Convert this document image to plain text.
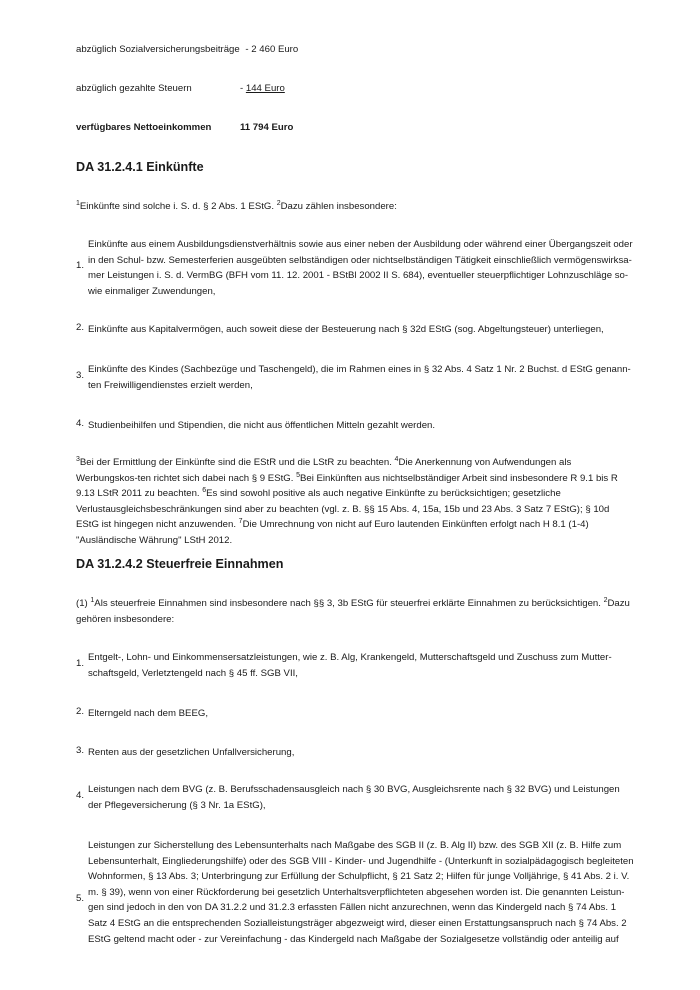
abzüglich Sozialversicherungsbeiträge - 2 460 Euro
abzüglich gezahlte Steuern	- 144 Euro
verfügbares Nettoeinkommen	11 794 Euro
DA 31.2.4.1 Einkünfte

$^1$Einkünfte sind solche i. S. d. § 2 Abs. 1 EStG. $^2$Dazu zählen insbesondere:

1.
Einkünfte aus einem Ausbildungsdienstverhältnis sowie aus einer neben der Ausbildung oder während einer Übergangszeit oder in den Schul- bzw. Semesterferien ausgeübten selbständigen oder nichtselbständigen Tätigkeit einschließlich vermögenswirksa-mer Leistungen i. S. d. VermBG (BFH vom 11. 12. 2001 - BStBl 2002 II S. 684), eventueller steuerpflichtiger Lohnzuschläge so-wie einmaliger Zuwendungen,
2. Einkünfte aus Kapitalvermögen, auch soweit diese der Besteuerung nach § 32d EStG (sog. Abgeltungsteuer) unterliegen,
3.
Einkünfte des Kindes (Sachbezüge und Taschengeld), die im Rahmen eines in § 32 Abs. 4 Satz 1 Nr. 2 Buchst. d EStG genann-ten Freiwilligendienstes erzielt werden,
4. Studienbeihilfen und Stipendien, die nicht aus öffentlichen Mitteln gezahlt werden.

$^3$Bei der Ermittlung der Einkünfte sind die EStR und die LStR zu beachten. $^4$Die Anerkennung von Aufwendungen als Werbungskos-ten richtet sich dabei nach § 9 EStG. $^5$Bei Einkünften aus nichtselbständiger Arbeit sind insbesondere R 9.1 bis R 9.13 LStR 2011 zu beachten. $^6$Es sind sowohl positive als auch negative Einkünfte zu berücksichtigen; gesetzliche Verlustausgleichsbeschränkungen sind aber zu beachten (vgl. z. B. §§ 15 Abs. 4, 15a, 15b und 23 Abs. 3 Satz 7 EStG); § 10d EStG ist hingegen nicht anzuwenden. $^7$Die Umrechnung von nicht auf Euro lautenden Einkünften erfolgt nach H 8.1 (1-4) "Ausländische Währung" LStH 2012.

DA 31.2.4.2 Steuerfreie Einnahmen

(1) $^1$Als steuerfreie Einnahmen sind insbesondere nach §§ 3, 3b EStG für steuerfrei erklärte Einnahmen zu berücksichtigen. $^2$Dazu gehören insbesondere:

1.
Entgelt-, Lohn- und Einkommensersatzleistungen, wie z. B. Alg, Krankengeld, Mutterschaftsgeld und Zuschuss zum Mutter-schaftsgeld, Verletztengeld nach § 45 ff. SGB VII,
2. Elterngeld nach dem BEEG,
3. Renten aus der gesetzlichen Unfallversicherung,
4.
Leistungen nach dem BVG (z. B. Berufsschadensausgleich nach § 30 BVG, Ausgleichsrente nach § 32 BVG) und Leistungen der Pflegeversicherung (§ 3 Nr. 1a EStG),
5.
Leistungen zur Sicherstellung des Lebensunterhalts nach Maßgabe des SGB II (z. B. Alg II) bzw. des SGB XII (z. B. Hilfe zum Lebensunterhalt, Eingliederungshilfe) oder des SGB VIII - Kinder- und Jugendhilfe - (Unterkunft in sozialpädagogisch begleiteten Wohnformen, § 13 Abs. 3; Unterbringung zur Erfüllung der Schulpflicht, § 21 Satz 2; Hilfen für junge Volljährige, § 41 Abs. 2 i. V. m. § 39), wenn von einer Rückforderung bei gesetzlich Unterhaltsverpflichteten abgesehen worden ist. Die genannten Leistun-gen sind jedoch in den von DA 31.2.2 und 31.2.3 erfassten Fällen nicht anzurechnen, wenn das Kindergeld nach § 74 Abs. 1 Satz 4 EStG an die entsprechenden Sozialleistungsträger abgezweigt wird, dieser einen Erstattungsanspruch nach § 74 Abs. 2 EStG geltend macht oder - zur Vereinfachung - das Kindergeld nach Maßgabe der Sozialgesetze vollständig oder anteilig auf
